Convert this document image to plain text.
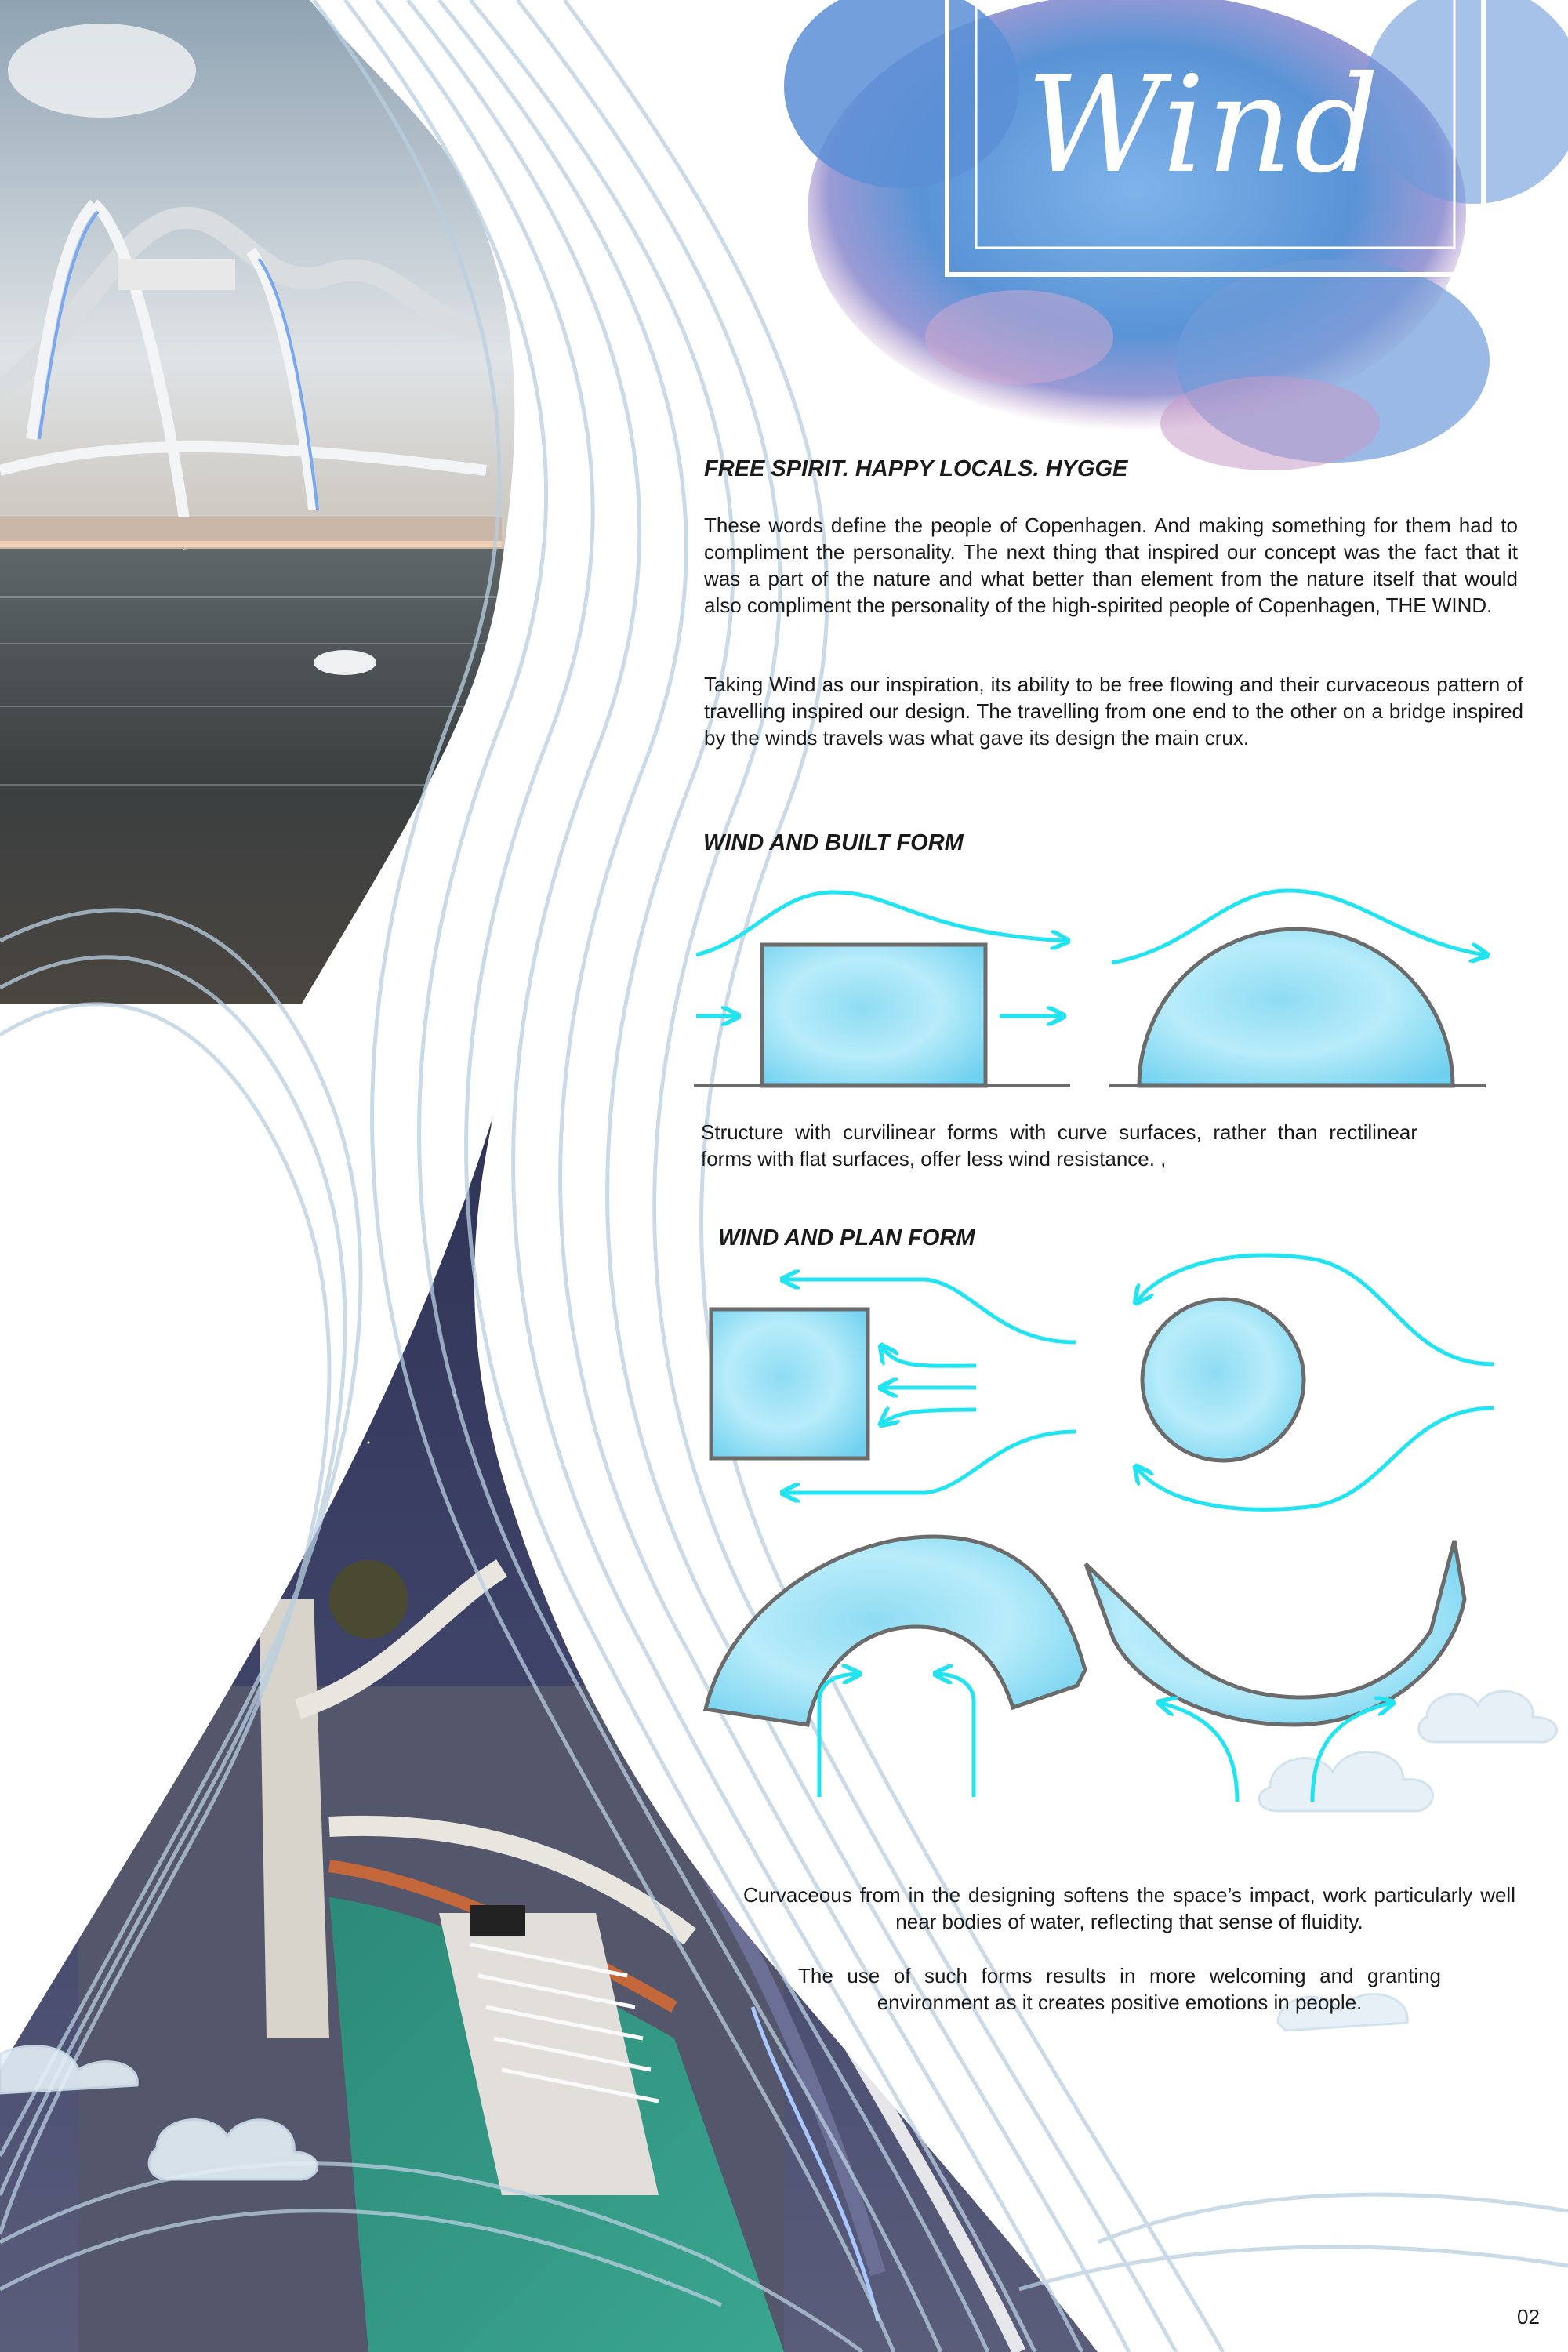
Wind
FREE SPIRIT. HAPPY LOCALS. HYGGE

These words define the people of Copenhagen. And making something for them had to compliment the personality. The next thing that inspired our concept was the fact that it was a part of the nature and what better than element from the nature itself that would also compliment the personality of the high-spirited people of Copenhagen, THE WIND.

Taking Wind as our inspiration, its ability to be free flowing and their curvaceous pattern of travelling inspired our design. The travelling from one end to the other on a bridge inspired by the winds travels was what gave its design the main crux.

WIND AND BUILT FORM

Structure with curvilinear forms with curve surfaces, rather than rectilinear forms with flat surfaces, offer less wind resistance. ,

WIND AND PLAN FORM

Curvaceous from in the designing softens the space’s impact, work particularly well near bodies of water, reflecting that sense of fluidity.

The use of such forms results in more welcoming and granting environment as it creates positive emotions in people.

02
